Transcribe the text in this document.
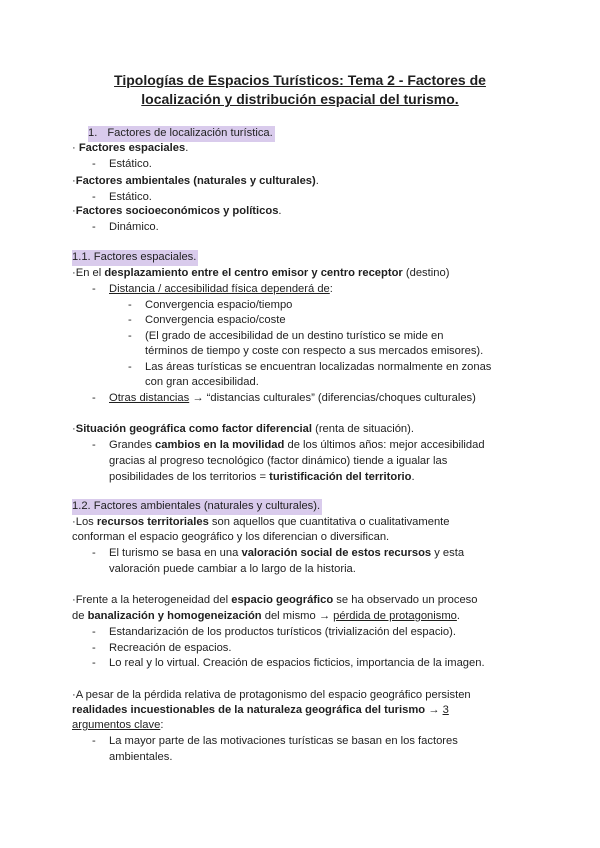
Tipologías de Espacios Turísticos: Tema 2 - Factores de
localización y distribución espacial del turismo.
1. Factores de localización turística.
· Factores espaciales.
- Estático.
·Factores ambientales (naturales y culturales).
- Estático.
·Factores socioeconómicos y políticos.
- Dinámico.
1.1. Factores espaciales.
·En el desplazamiento entre el centro emisor y centro receptor (destino)
- Distancia / accesibilidad física dependerá de:
- Convergencia espacio/tiempo
- Convergencia espacio/coste
- (El grado de accesibilidad de un destino turístico se mide en
términos de tiempo y coste con respecto a sus mercados emisores).
- Las áreas turísticas se encuentran localizadas normalmente en zonas
con gran accesibilidad.
- Otras distancias → “distancias culturales” (diferencias/choques culturales)
·Situación geográfica como factor diferencial (renta de situación).
- Grandes cambios en la movilidad de los últimos años: mejor accesibilidad
gracias al progreso tecnológico (factor dinámico) tiende a igualar las
posibilidades de los territorios = turistificación del territorio.
1.2. Factores ambientales (naturales y culturales).
·Los recursos territoriales son aquellos que cuantitativa o cualitativamente
conforman el espacio geográfico y los diferencian o diversifican.
- El turismo se basa en una valoración social de estos recursos y esta
valoración puede cambiar a lo largo de la historia.
·Frente a la heterogeneidad del espacio geográfico se ha observado un proceso
de banalización y homogeneización del mismo → pérdida de protagonismo.
- Estandarización de los productos turísticos (trivialización del espacio).
- Recreación de espacios.
- Lo real y lo virtual. Creación de espacios ficticios, importancia de la imagen.
·A pesar de la pérdida relativa de protagonismo del espacio geográfico persisten
realidades incuestionables de la naturaleza geográfica del turismo → 3
argumentos clave:
- La mayor parte de las motivaciones turísticas se basan en los factores
ambientales.
